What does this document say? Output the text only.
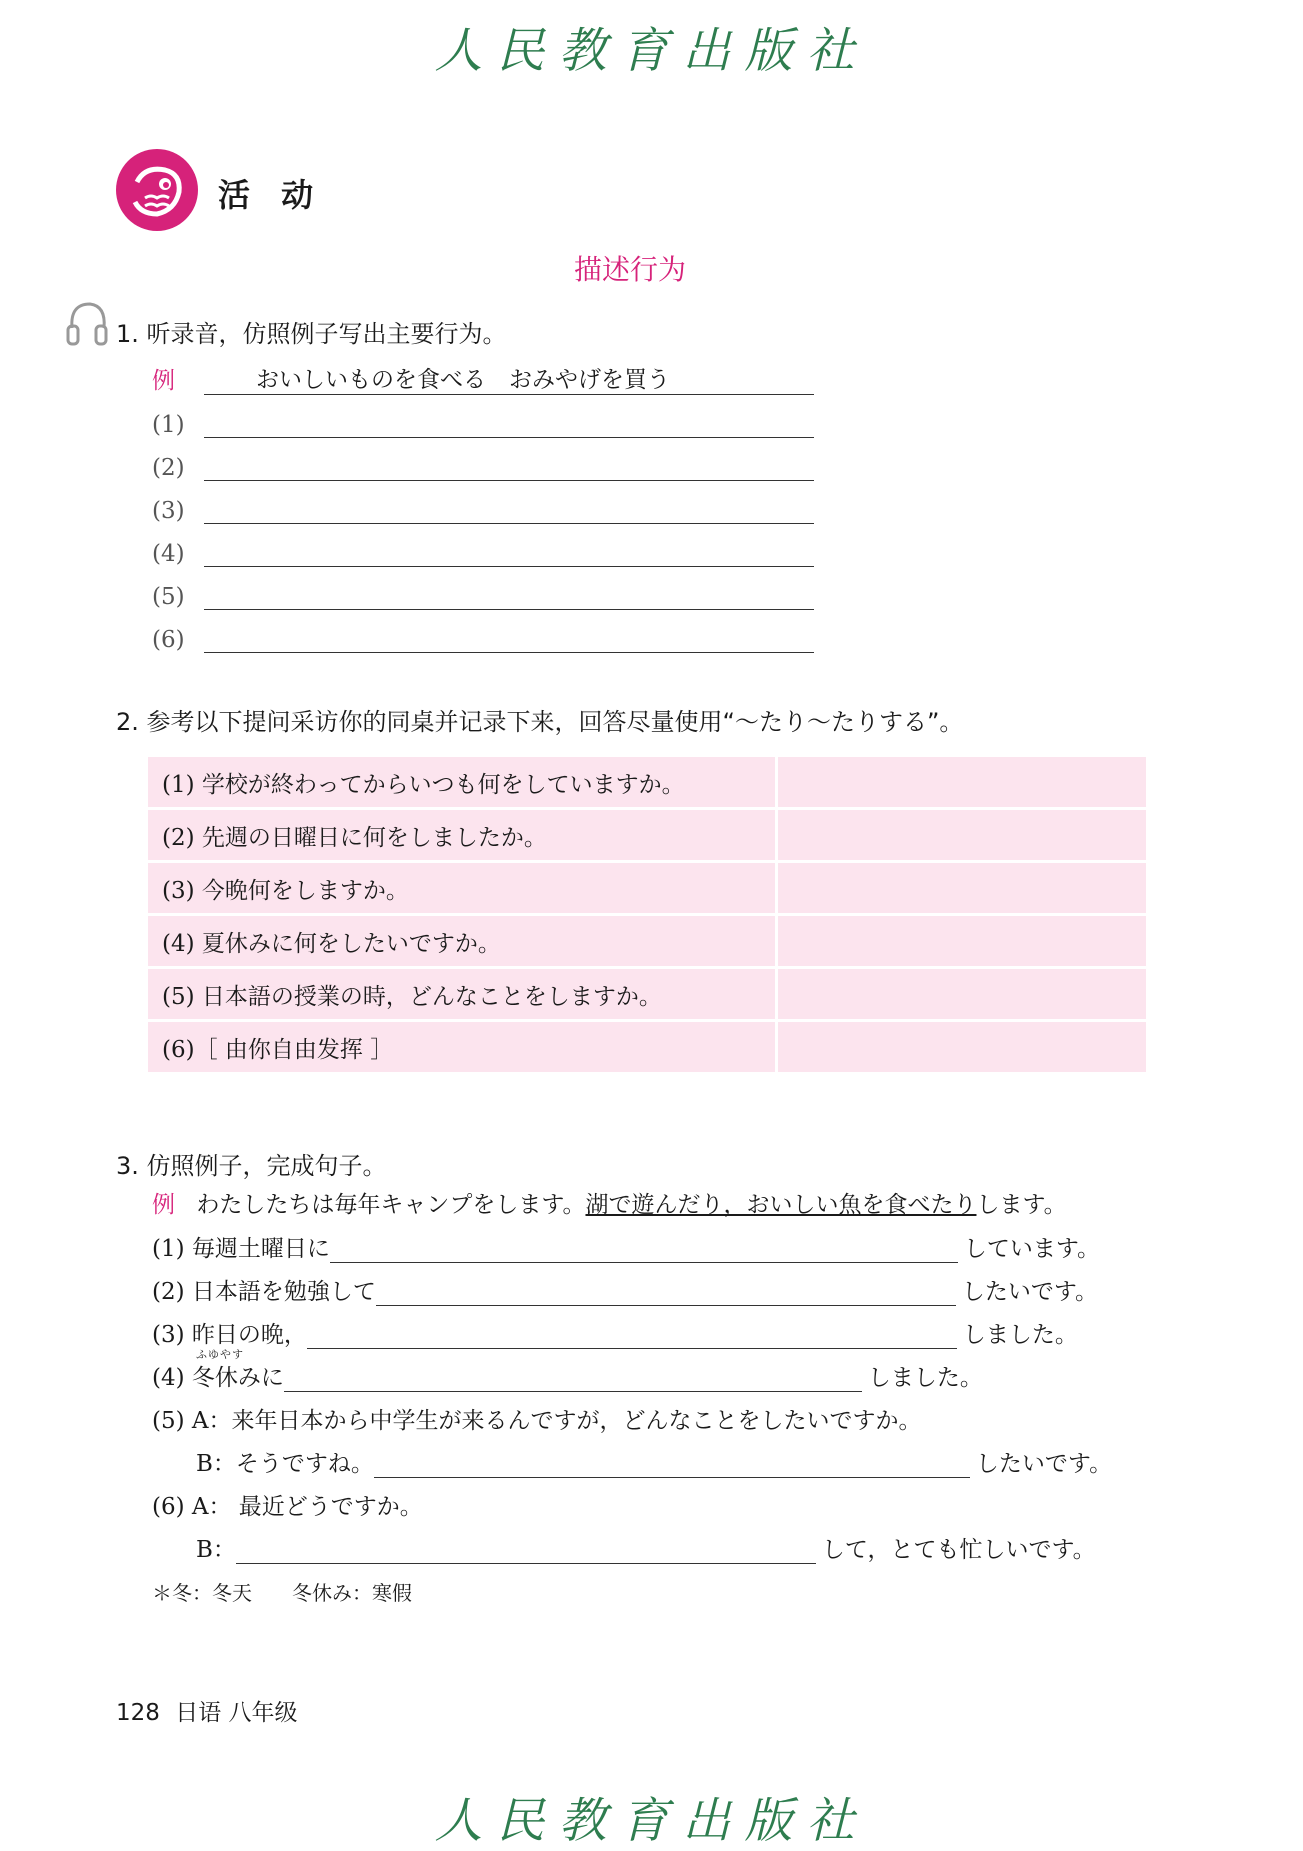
人民教育出版社
活 动
描述行为
1. 听录音，仿照例子写出主要行为。
例	おいしいものを食べる　おみやげを買う
(1)
(2)
(3)
(4)
(5)
(6)
2. 参考以下提问采访你的同桌并记录下来，回答尽量使用“～たり～たりする”。
(1) 学校が終わってからいつも何をしていますか。	
(2) 先週の日曜日に何をしましたか。	
(3) 今晩何をしますか。	
(4) 夏休みに何をしたいですか。	
(5) 日本語の授業の時，どんなことをしますか。	
(6)［ 由你自由发挥 ］	
3. 仿照例子，完成句子。
例 わたしたちは毎年キャンプをします。湖で遊んだり，おいしい魚を食べたりします。
(1) 毎週土曜日に	しています。
(2) 日本語を勉強して	したいです。
(3) 昨日の晩，	しました。
ふゆやす
(4) 冬休みに	しました。
(5) A：来年日本から中学生が来るんですが，どんなことをしたいですか。
B：そうですね。	したいです。
(6) A： 最近どうですか。
B：	して，とても忙しいです。
＊冬：冬天　　冬休み：寒假
128 日语 八年级
人民教育出版社
